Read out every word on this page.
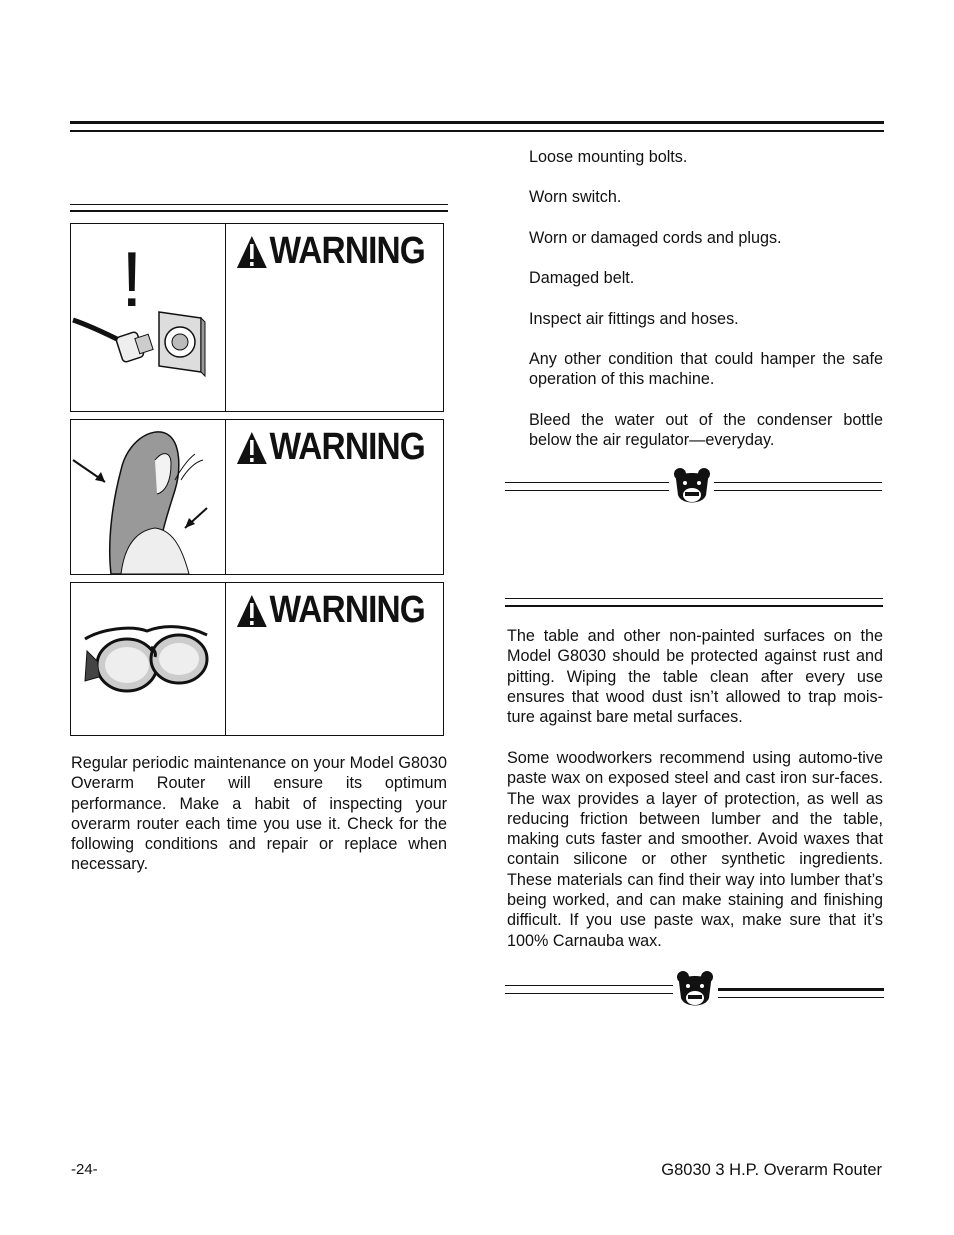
!	WARNING
WARNING
WARNING
Regular periodic maintenance on your Model G8030 Overarm Router will ensure its optimum performance. Make a habit of inspecting your overarm router each time you use it. Check for the following conditions and repair or replace when necessary.
Loose mounting bolts.
Worn switch.
Worn or damaged cords and plugs.
Damaged belt.
Inspect air fittings and hoses.
Any other condition that could hamper the safe operation of this machine.
Bleed the water out of the condenser bottle below the air regulator—everyday.
The table and other non-painted surfaces on the Model G8030 should be protected against rust and pitting. Wiping the table clean after every use ensures that wood dust isn’t allowed to trap mois-ture against bare metal surfaces.
Some woodworkers recommend using automo-tive paste wax on exposed steel and cast iron sur-faces. The wax provides a layer of protection, as well as reducing friction between lumber and the table, making cuts faster and smoother. Avoid waxes that contain silicone or other synthetic ingredients. These materials can find their way into lumber that’s being worked, and can make staining and finishing difficult. If you use paste wax, make sure that it’s 100% Carnauba wax.
-24-	G8030 3 H.P. Overarm Router
